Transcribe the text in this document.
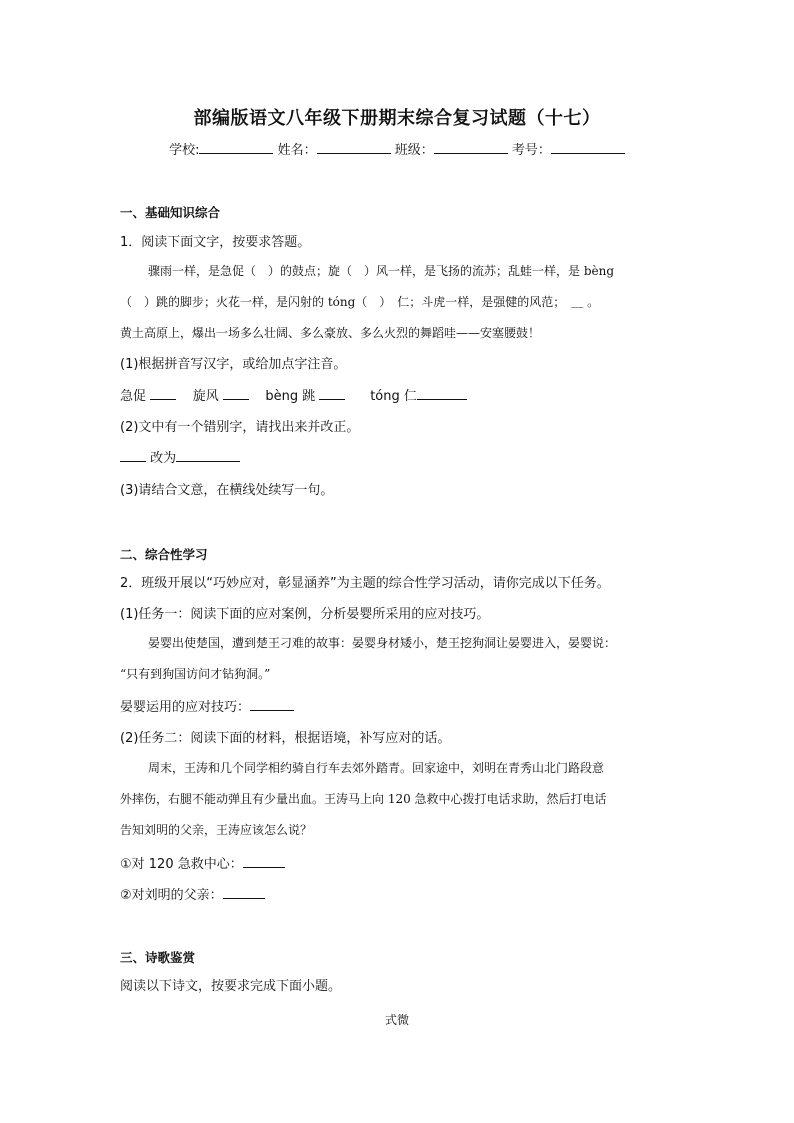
部编版语文八年级下册期末综合复习试题（十七）
学校:	姓名：	班级：	考号：
一、基础知识综合
1．阅读下面文字，按要求答题。
骤雨一样，是急促（　）的鼓点；旋（　）风一样，是飞扬的流苏；乱蛙一样，是 bèng
（　）跳的脚步；火花一样，是闪射的 tóng（　）　仁；斗虎一样，是强健的风范；　＿ 。
黄土高原上，爆出一场多么壮阔、多么豪放、多么火烈的舞蹈哇——安塞腰鼓！
(1)根据拼音写汉字，或给加点字注音。
急促	旋风	bèng 跳	tóng 仁
(2)文中有一个错别字，请找出来并改正。
改为
(3)请结合文意，在横线处续写一句。
二、综合性学习
2．班级开展以“巧妙应对，彰显涵养”为主题的综合性学习活动，请你完成以下任务。
(1)任务一：阅读下面的应对案例，分析晏婴所采用的应对技巧。
晏婴出使楚国，遭到楚王刁难的故事：晏婴身材矮小，楚王挖狗洞让晏婴进入，晏婴说：
“只有到狗国访问才钻狗洞。”
晏婴运用的应对技巧：
(2)任务二：阅读下面的材料，根据语境，补写应对的话。
周末，王涛和几个同学相约骑自行车去郊外踏青。回家途中，刘明在青秀山北门路段意
外摔伤，右腿不能动弹且有少量出血。王涛马上向 120 急救中心拨打电话求助，然后打电话
告知刘明的父亲，王涛应该怎么说？
①对 120 急救中心：
②对刘明的父亲：
三、诗歌鉴赏
阅读以下诗文，按要求完成下面小题。
式微
